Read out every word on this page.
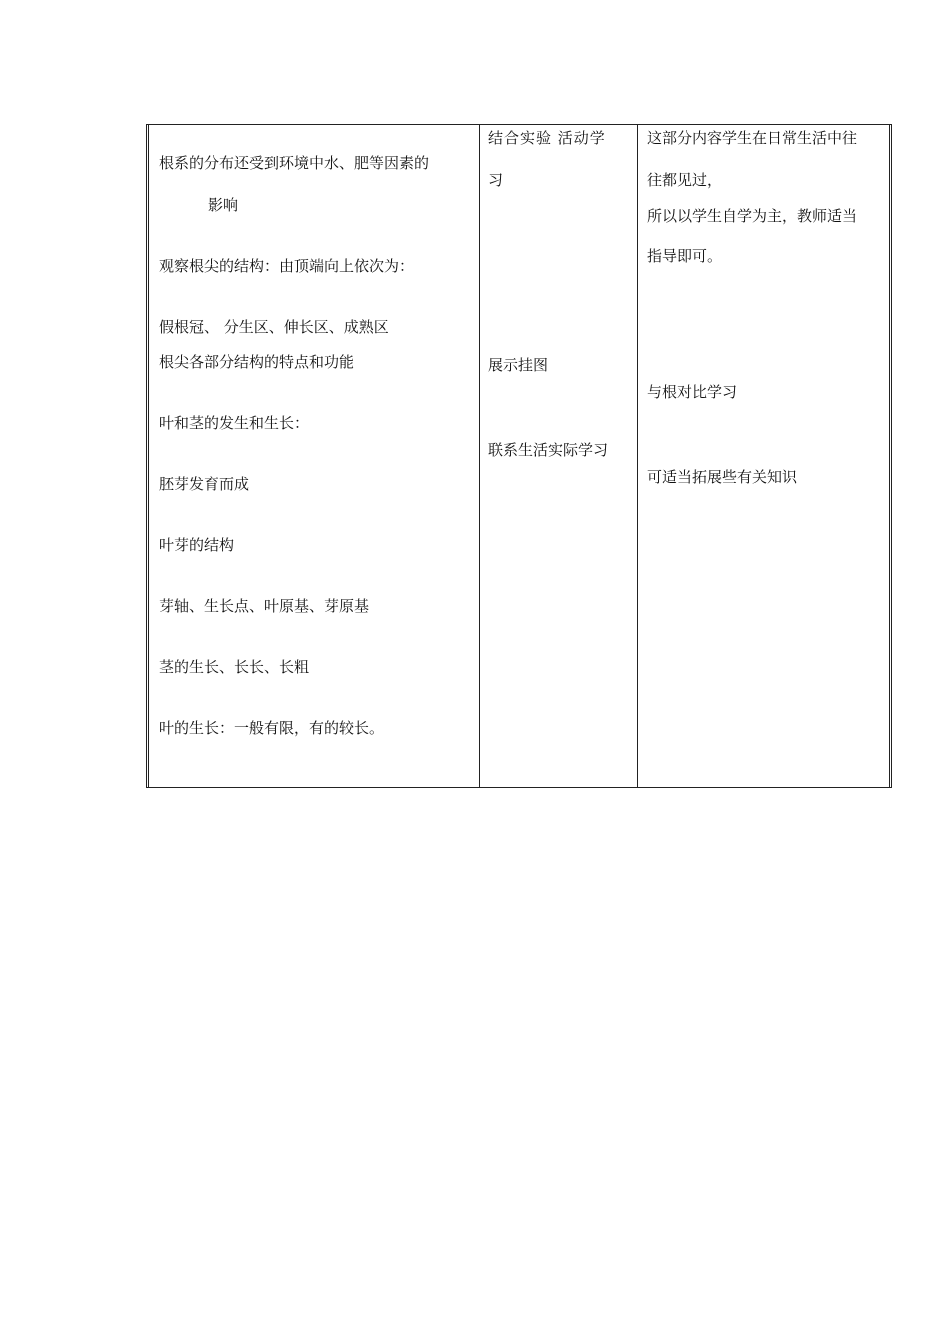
根系的分布还受到环境中水、肥等因素的
影响
观察根尖的结构：由顶端向上依次为：
假根冠、 分生区、伸长区、成熟区
根尖各部分结构的特点和功能
叶和茎的发生和生长：
胚芽发育而成
叶芽的结构
芽轴、生长点、叶原基、芽原基
茎的生长、长长、长粗
叶的生长：一般有限，有的较长。
结合实验 活动学
习
展示挂图
联系生活实际学习
这部分内容学生在日常生活中往
往都见过，
所以以学生自学为主，教师适当
指导即可。
与根对比学习
可适当拓展些有关知识
